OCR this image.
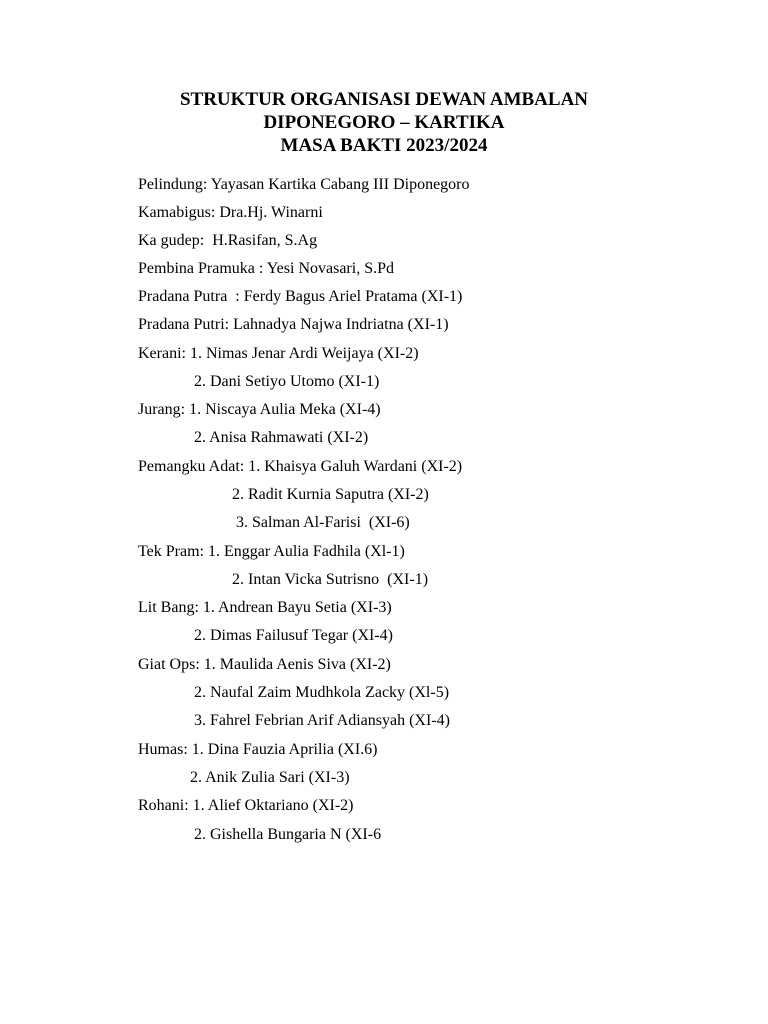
STRUKTUR ORGANISASI DEWAN AMBALAN
DIPONEGORO – KARTIKA
MASA BAKTI 2023/2024
Pelindung: Yayasan Kartika Cabang III Diponegoro
Kamabigus: Dra.Hj. Winarni
Ka gudep:  H.Rasifan, S.Ag
Pembina Pramuka : Yesi Novasari, S.Pd
Pradana Putra  : Ferdy Bagus Ariel Pratama (XI-1)
Pradana Putri: Lahnadya Najwa Indriatna (XI-1)
Kerani: 1. Nimas Jenar Ardi Weijaya (XI-2)
2. Dani Setiyo Utomo (XI-1)
Jurang: 1. Niscaya Aulia Meka (XI-4)
2. Anisa Rahmawati (XI-2)
Pemangku Adat: 1. Khaisya Galuh Wardani (XI-2)
2. Radit Kurnia Saputra (XI-2)
3. Salman Al-Farisi  (XI-6)
Tek Pram: 1. Enggar Aulia Fadhila (Xl-1)
2. Intan Vicka Sutrisno  (XI-1)
Lit Bang: 1. Andrean Bayu Setia (XI-3)
2. Dimas Failusuf Tegar (XI-4)
Giat Ops: 1. Maulida Aenis Siva (XI-2)
2. Naufal Zaim Mudhkola Zacky (Xl-5)
3. Fahrel Febrian Arif Adiansyah (XI-4)
Humas: 1. Dina Fauzia Aprilia (XI.6)
2. Anik Zulia Sari (XI-3)
Rohani: 1. Alief Oktariano (XI-2)
2. Gishella Bungaria N (XI-6
